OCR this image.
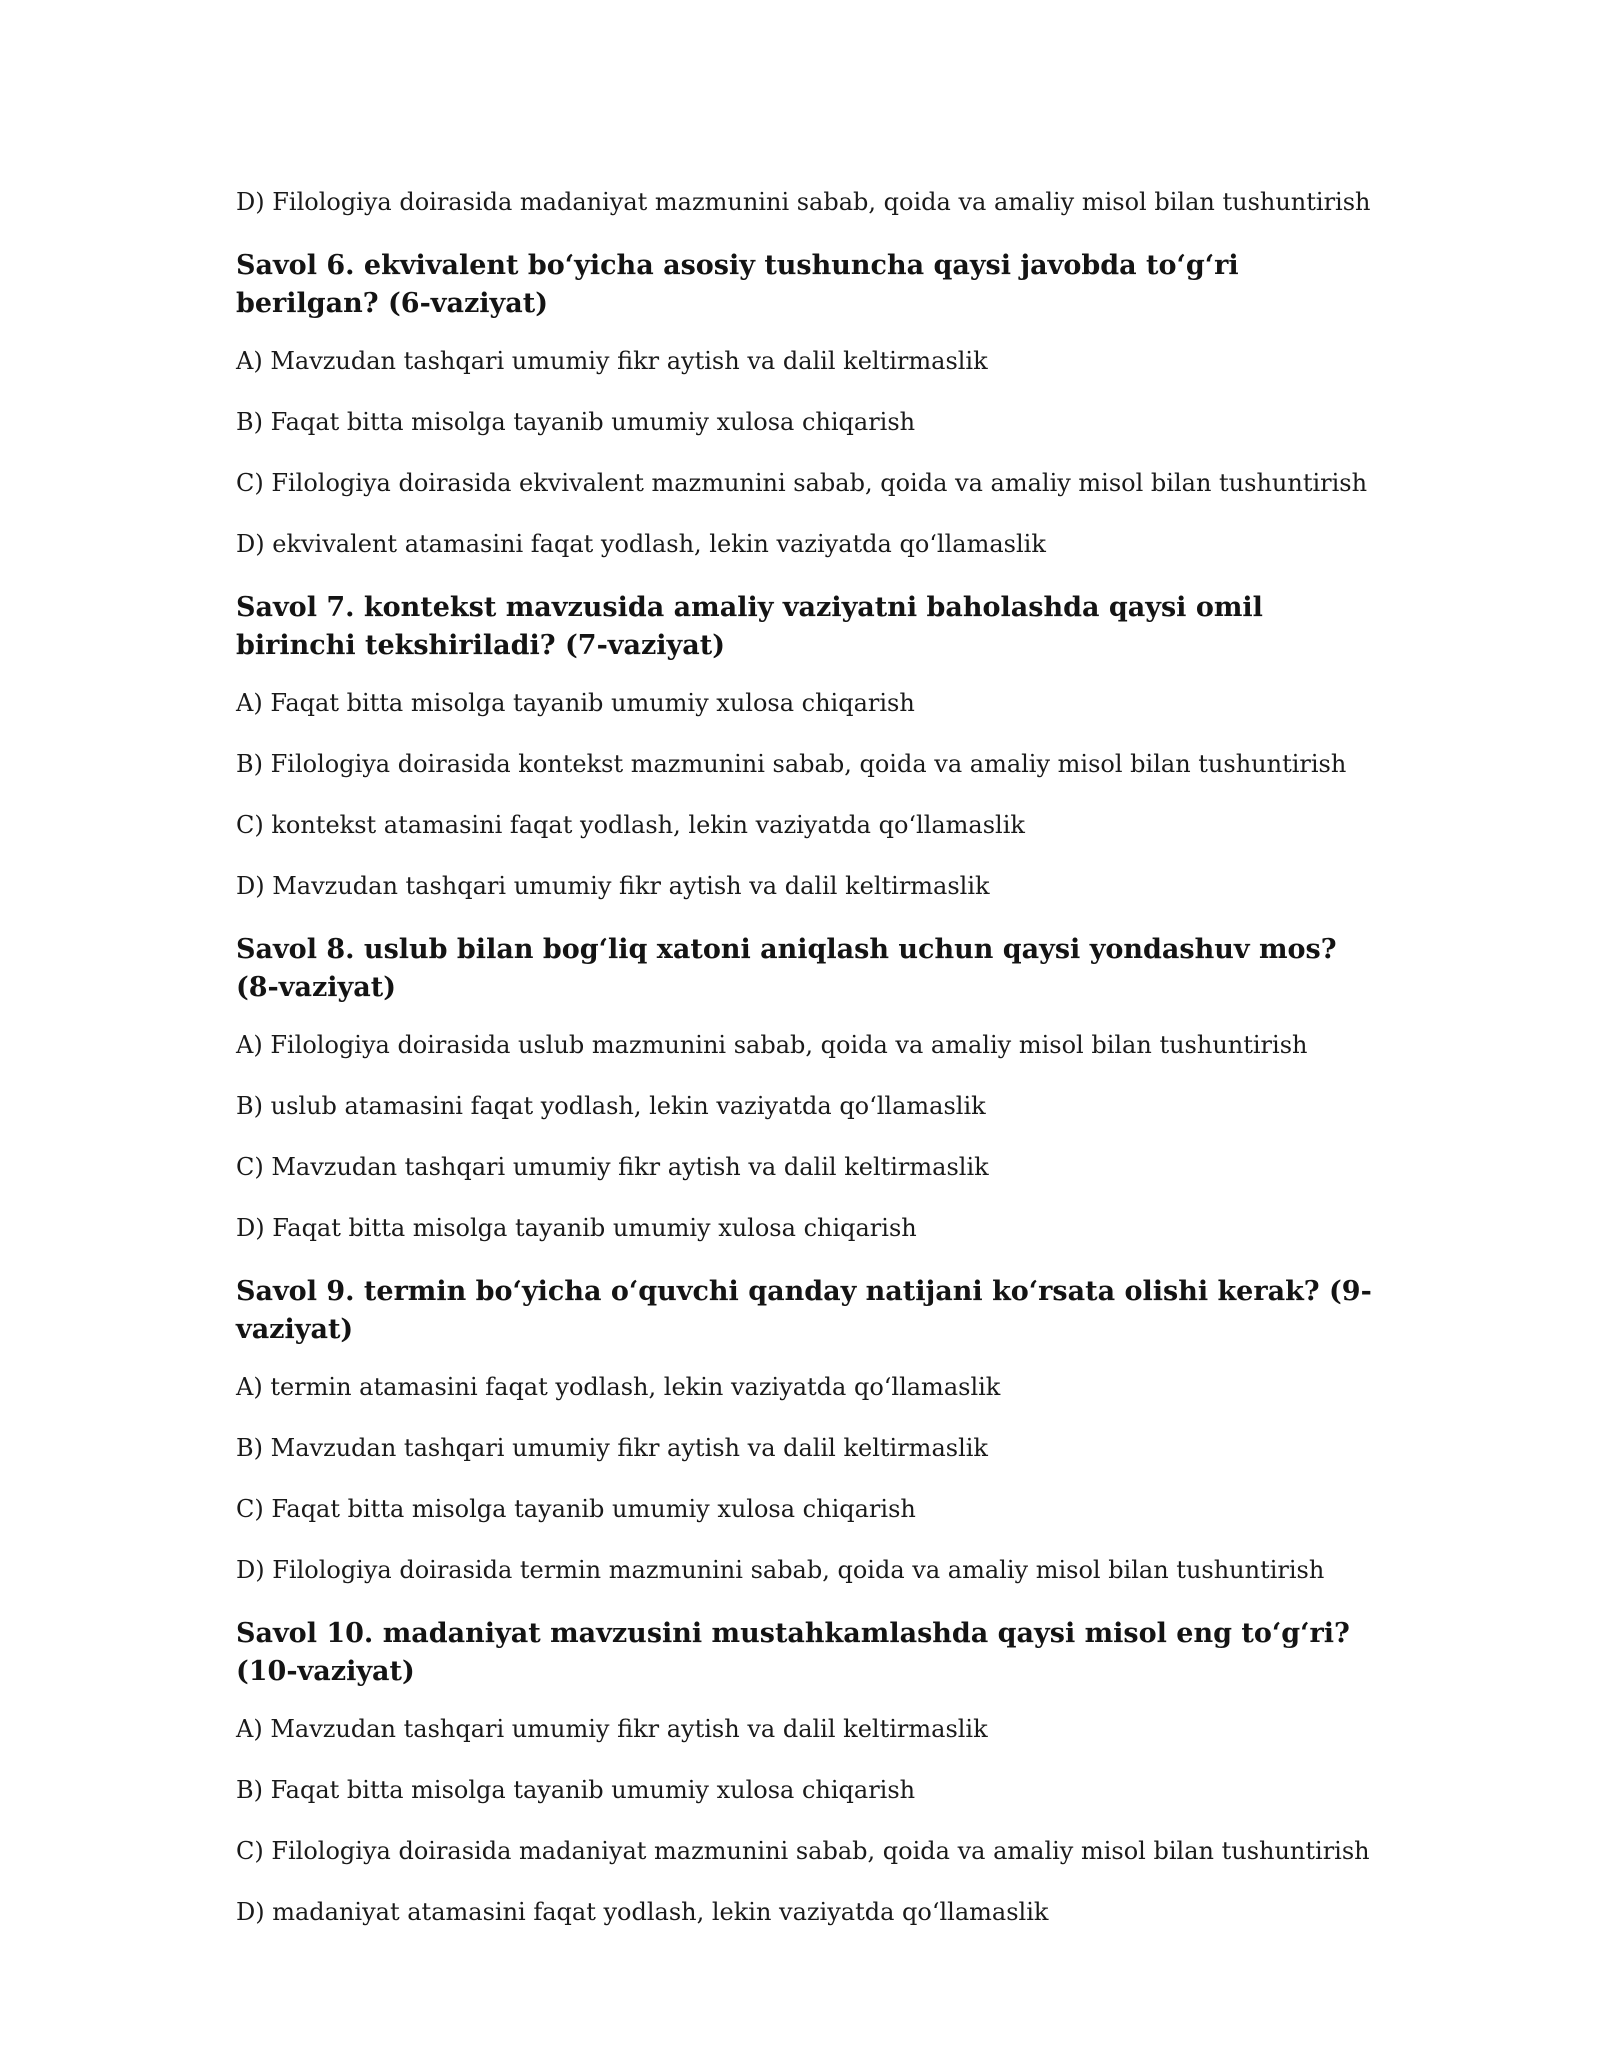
D) Filologiya doirasida madaniyat mazmunini sabab, qoida va amaliy misol bilan tushuntirish

Savol 6. ekvivalent bo‘yicha asosiy tushuncha qaysi javobda to‘g‘ri berilgan? (6-vaziyat)

A) Mavzudan tashqari umumiy fikr aytish va dalil keltirmaslik

B) Faqat bitta misolga tayanib umumiy xulosa chiqarish

C) Filologiya doirasida ekvivalent mazmunini sabab, qoida va amaliy misol bilan tushuntirish

D) ekvivalent atamasini faqat yodlash, lekin vaziyatda qo‘llamaslik

Savol 7. kontekst mavzusida amaliy vaziyatni baholashda qaysi omil birinchi tekshiriladi? (7-vaziyat)

A) Faqat bitta misolga tayanib umumiy xulosa chiqarish

B) Filologiya doirasida kontekst mazmunini sabab, qoida va amaliy misol bilan tushuntirish

C) kontekst atamasini faqat yodlash, lekin vaziyatda qo‘llamaslik

D) Mavzudan tashqari umumiy fikr aytish va dalil keltirmaslik

Savol 8. uslub bilan bog‘liq xatoni aniqlash uchun qaysi yondashuv mos? (8-vaziyat)

A) Filologiya doirasida uslub mazmunini sabab, qoida va amaliy misol bilan tushuntirish

B) uslub atamasini faqat yodlash, lekin vaziyatda qo‘llamaslik

C) Mavzudan tashqari umumiy fikr aytish va dalil keltirmaslik

D) Faqat bitta misolga tayanib umumiy xulosa chiqarish

Savol 9. termin bo‘yicha o‘quvchi qanday natijani ko‘rsata olishi kerak? (9-vaziyat)

A) termin atamasini faqat yodlash, lekin vaziyatda qo‘llamaslik

B) Mavzudan tashqari umumiy fikr aytish va dalil keltirmaslik

C) Faqat bitta misolga tayanib umumiy xulosa chiqarish

D) Filologiya doirasida termin mazmunini sabab, qoida va amaliy misol bilan tushuntirish

Savol 10. madaniyat mavzusini mustahkamlashda qaysi misol eng to‘g‘ri? (10-vaziyat)

A) Mavzudan tashqari umumiy fikr aytish va dalil keltirmaslik

B) Faqat bitta misolga tayanib umumiy xulosa chiqarish

C) Filologiya doirasida madaniyat mazmunini sabab, qoida va amaliy misol bilan tushuntirish

D) madaniyat atamasini faqat yodlash, lekin vaziyatda qo‘llamaslik
